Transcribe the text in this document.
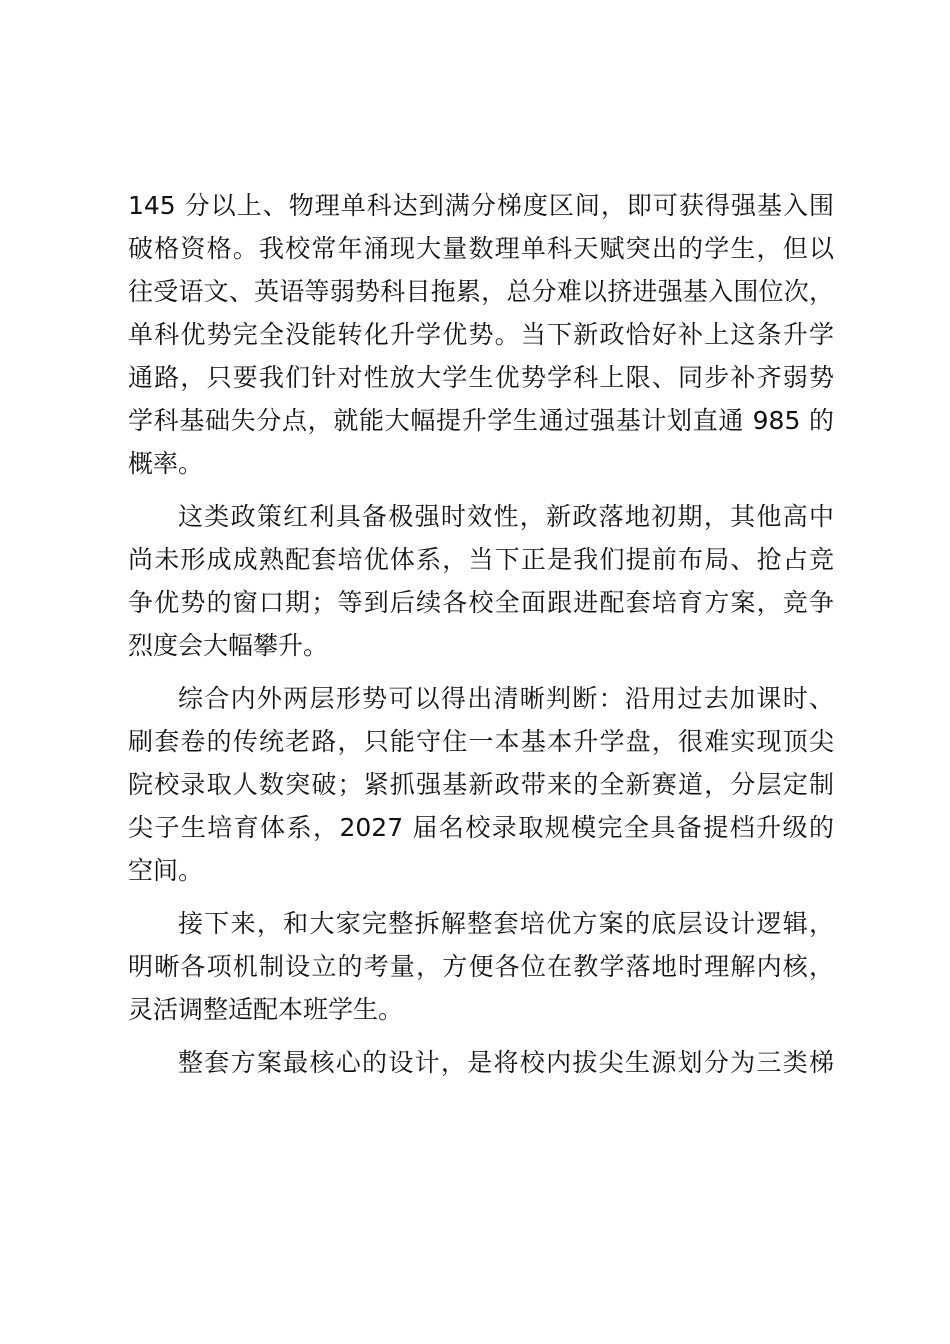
145 分以上、物理单科达到满分梯度区间，即可获得强基入围
破格资格。我校常年涌现大量数理单科天赋突出的学生，但以
往受语文、英语等弱势科目拖累，总分难以挤进强基入围位次，
单科优势完全没能转化升学优势。当下新政恰好补上这条升学
通路，只要我们针对性放大学生优势学科上限、同步补齐弱势
学科基础失分点，就能大幅提升学生通过强基计划直通 985 的
概率。
这类政策红利具备极强时效性，新政落地初期，其他高中
尚未形成成熟配套培优体系，当下正是我们提前布局、抢占竞
争优势的窗口期；等到后续各校全面跟进配套培育方案，竞争
烈度会大幅攀升。
综合内外两层形势可以得出清晰判断：沿用过去加课时、
刷套卷的传统老路，只能守住一本基本升学盘，很难实现顶尖
院校录取人数突破；紧抓强基新政带来的全新赛道，分层定制
尖子生培育体系，2027 届名校录取规模完全具备提档升级的
空间。
接下来，和大家完整拆解整套培优方案的底层设计逻辑，
明晰各项机制设立的考量，方便各位在教学落地时理解内核，
灵活调整适配本班学生。
整套方案最核心的设计，是将校内拔尖生源划分为三类梯
